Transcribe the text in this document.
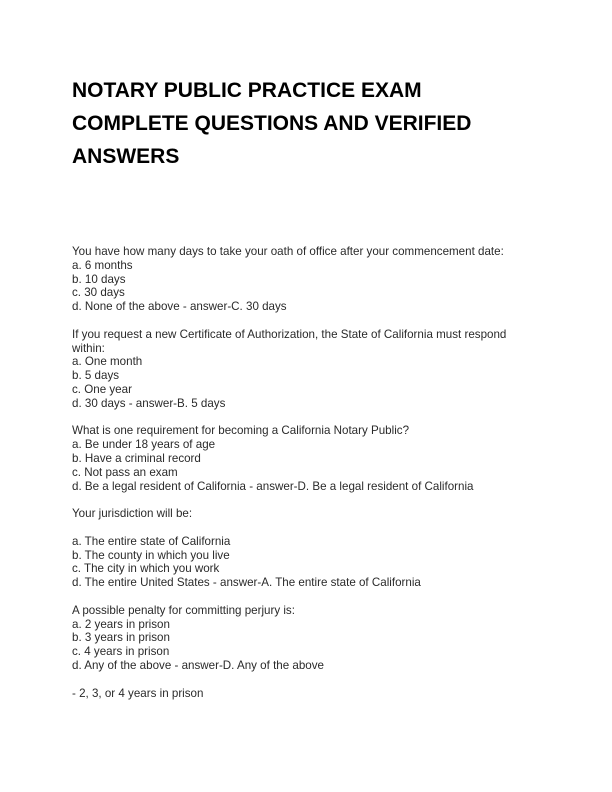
NOTARY PUBLIC PRACTICE EXAM
COMPLETE QUESTIONS AND VERIFIED
ANSWERS
You have how many days to take your oath of office after your commencement date:
a. 6 months
b. 10 days
c. 30 days
d. None of the above - answer-C. 30 days
If you request a new Certificate of Authorization, the State of California must respond
within:
a. One month
b. 5 days
c. One year
d. 30 days - answer-B. 5 days
What is one requirement for becoming a California Notary Public?
a. Be under 18 years of age
b. Have a criminal record
c. Not pass an exam
d. Be a legal resident of California - answer-D. Be a legal resident of California
Your jurisdiction will be:
a. The entire state of California
b. The county in which you live
c. The city in which you work
d. The entire United States - answer-A. The entire state of California
A possible penalty for committing perjury is:
a. 2 years in prison
b. 3 years in prison
c. 4 years in prison
d. Any of the above - answer-D. Any of the above
- 2, 3, or 4 years in prison
